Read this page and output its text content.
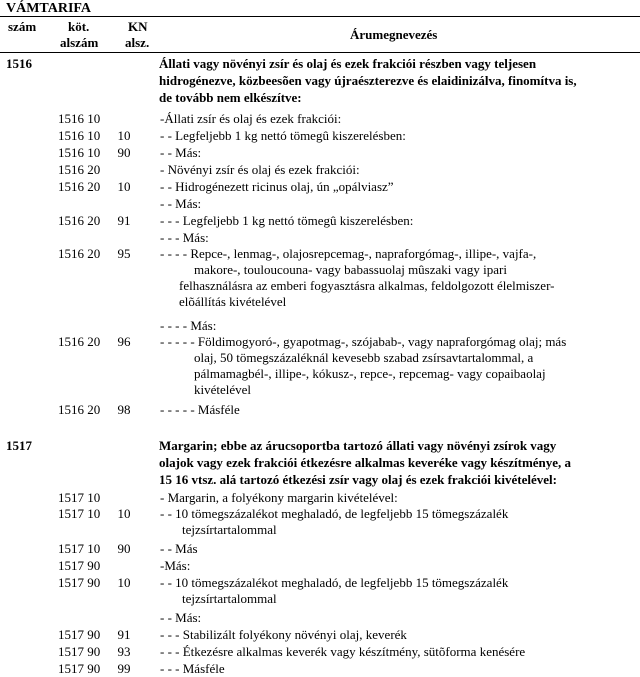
VÁMTARIFA
szám köt.
alszám
KN
alsz.
Árumegnevezés
1516	Állati vagy növényi zsír és olaj és ezek frakciói részben vagy teljesen
hidrogénezve, közbeesõen vagy újraészterezve és elaidinizálva, finomítva is,
de tovább nem elkészítve:
1516 10	-Állati zsír és olaj és ezek frakciói:
1516 10	10	- - Legfeljebb 1 kg nettó tömegû kiszerelésben:
1516 10	90	- - Más:
1516 20	- Növényi zsír és olaj és ezek frakciói:
1516 20	10	- - Hidrogénezett ricinus olaj, ún „opálviasz”
- - Más:
1516 20	91	- - - Legfeljebb 1 kg nettó tömegû kiszerelésben:
- - - Más:
1516 20	95	- - - - Repce-, lenmag-, olajosrepcemag-, napraforgómag-, illipe-, vajfa-,
makore-, touloucouna- vagy babassuolaj mûszaki vagy ipari
felhasználásra az emberi fogyasztásra alkalmas, feldolgozott élelmiszer-
elõállítás kivételével
- - - - Más:
1516 20	96	- - - - - Földimogyoró-, gyapotmag-, szójabab-, vagy napraforgómag olaj; más
olaj, 50 tömegszázaléknál kevesebb szabad zsírsavtartalommal, a
pálmamagbél-, illipe-, kókusz-, repce-, repcemag- vagy copaibaolaj
kivételével
1516 20	98	- - - - - Másféle
1517	Margarin; ebbe az árucsoportba tartozó állati vagy növényi zsírok vagy
olajok vagy ezek frakciói étkezésre alkalmas keveréke vagy készítménye, a
15 16 vtsz. alá tartozó étkezési zsír vagy olaj és ezek frakciói kivételével:
1517 10	- Margarin, a folyékony margarin kivételével:
1517 10	10	- - 10 tömegszázalékot meghaladó, de legfeljebb 15 tömegszázalék
tejzsírtartalommal
1517 10	90	- - Más
1517 90	-Más:
1517 90	10	- - 10 tömegszázalékot meghaladó, de legfeljebb 15 tömegszázalék
tejzsírtartalommal
- - Más:
1517 90	91	- - - Stabilizált folyékony növényi olaj, keverék
1517 90	93	- - - Étkezésre alkalmas keverék vagy készítmény, sütõforma kenésére
1517 90	99	- - - Másféle
